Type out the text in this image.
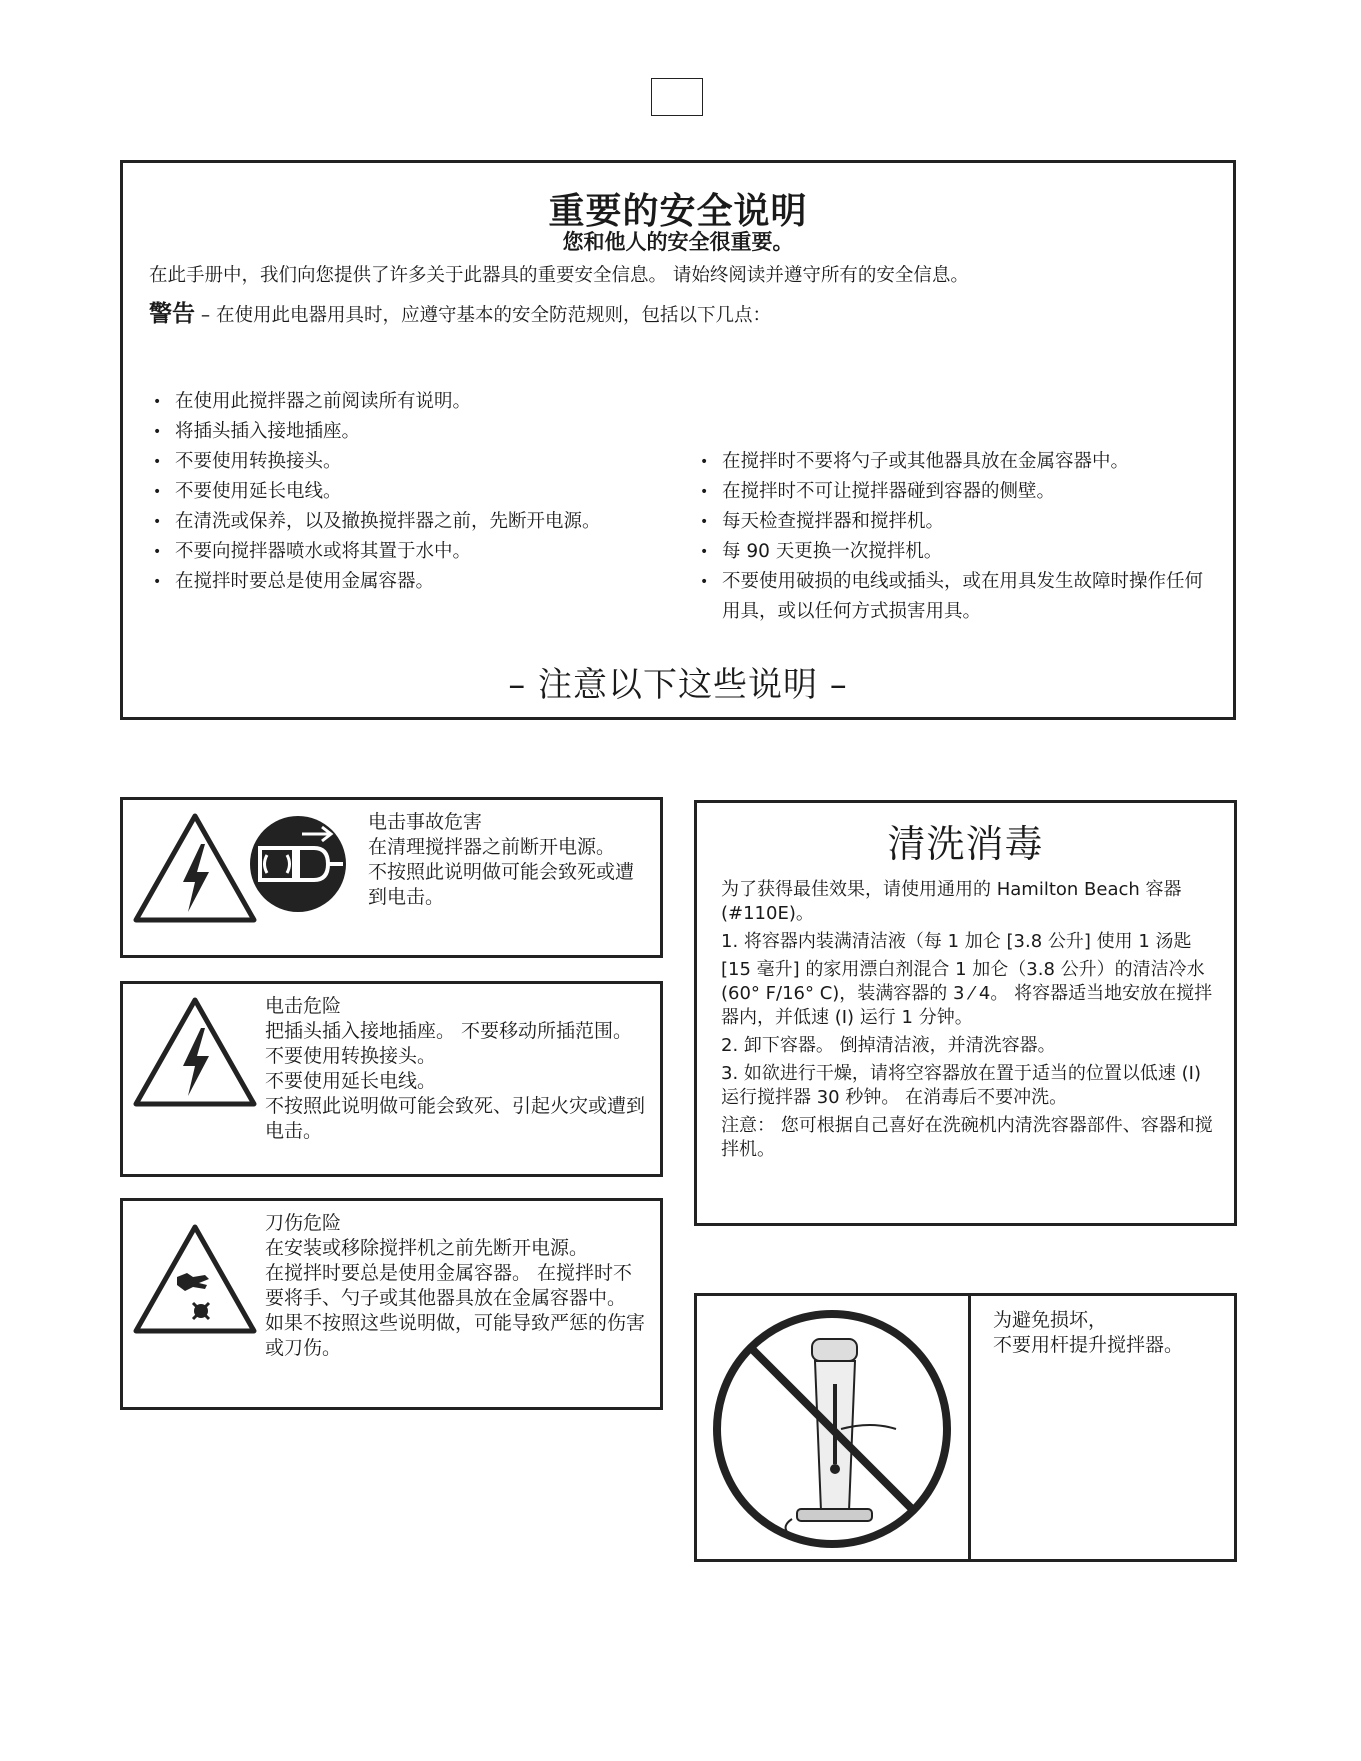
重要的安全说明
您和他人的安全很重要。
在此手册中，我们向您提供了许多关于此器具的重要安全信息。 请始终阅读并遵守所有的安全信息。
警告 – 在使用此电器用具时，应遵守基本的安全防范规则，包括以下几点：
• 在使用此搅拌器之前阅读所有说明。
• 将插头插入接地插座。
• 不要使用转换接头。
• 不要使用延长电线。
• 在清洗或保养，以及撤换搅拌器之前，先断开电源。
• 不要向搅拌器喷水或将其置于水中。
• 在搅拌时要总是使用金属容器。
• 在搅拌时不要将勺子或其他器具放在金属容器中。
• 在搅拌时不可让搅拌器碰到容器的侧壁。
• 每天检查搅拌器和搅拌机。
• 每 90 天更换一次搅拌机。
• 不要使用破损的电线或插头，或在用具发生故障时操作任何用具，或以任何方式损害用具。
– 注意以下这些说明 –

电击事故危害

在清理搅拌器之前断开电源。

不按照此说明做可能会致死或遭到电击。

电击危险

把插头插入接地插座。 不要移动所插范围。

不要使用转换接头。

不要使用延长电线。

不按照此说明做可能会致死、引起火灾或遭到电击。

刀伤危险

在安装或移除搅拌机之前先断开电源。

在搅拌时要总是使用金属容器。 在搅拌时不要将手、勺子或其他器具放在金属容器中。 如果不按照这些说明做，可能导致严惩的伤害或刀伤。

清洗消毒

为了获得最佳效果，请使用通用的 Hamilton Beach 容器 (#110E)。

1. 将容器内装满清洁液（每 1 加仑 [3.8 公升] 使用 1 汤匙

[15 毫升] 的家用漂白剂混合 1 加仑（3.8 公升）的清洁冷水(60° F/16° C)，装满容器的 3 ⁄ 4。 将容器适当地安放在搅拌器内，并低速 (I) 运行 1 分钟。

2. 卸下容器。 倒掉清洁液，并清洗容器。

3. 如欲进行干燥，请将空容器放在置于适当的位置以低速 (I) 运行搅拌器 30 秒钟。 在消毒后不要冲洗。

注意： 您可根据自己喜好在洗碗机内清洗容器部件、容器和搅拌机。

为避免损坏，

不要用杆提升搅拌器。
